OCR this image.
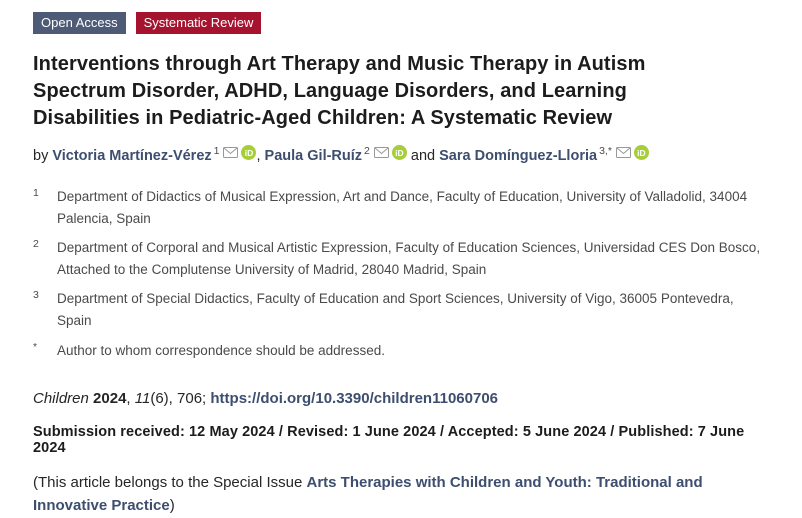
Open Access	Systematic Review
Interventions through Art Therapy and Music Therapy in Autism Spectrum Disorder, ADHD, Language Disorders, and Learning Disabilities in Pediatric-Aged Children: A Systematic Review

by Victoria Martínez-Vérez $^1$	iD , Paula Gil-Ruíz $^2$	iD and Sara Domínguez-Lloria $^{3,*}$	iD

1	Department of Didactics of Musical Expression, Art and Dance, Faculty of Education, University of Valladolid, 34004 Palencia, Spain
2	Department of Corporal and Musical Artistic Expression, Faculty of Education Sciences, Universidad CES Don Bosco, Attached to the Complutense University of Madrid, 28040 Madrid, Spain
3	Department of Special Didactics, Faculty of Education and Sport Sciences, University of Vigo, 36005 Pontevedra, Spain
*	Author to whom correspondence should be addressed.

Children 2024, 11(6), 706; https://doi.org/10.3390/children11060706

Submission received: 12 May 2024 / Revised: 1 June 2024 / Accepted: 5 June 2024 / Published: 7 June 2024

(This article belongs to the Special Issue Arts Therapies with Children and Youth: Traditional and Innovative Practice)
